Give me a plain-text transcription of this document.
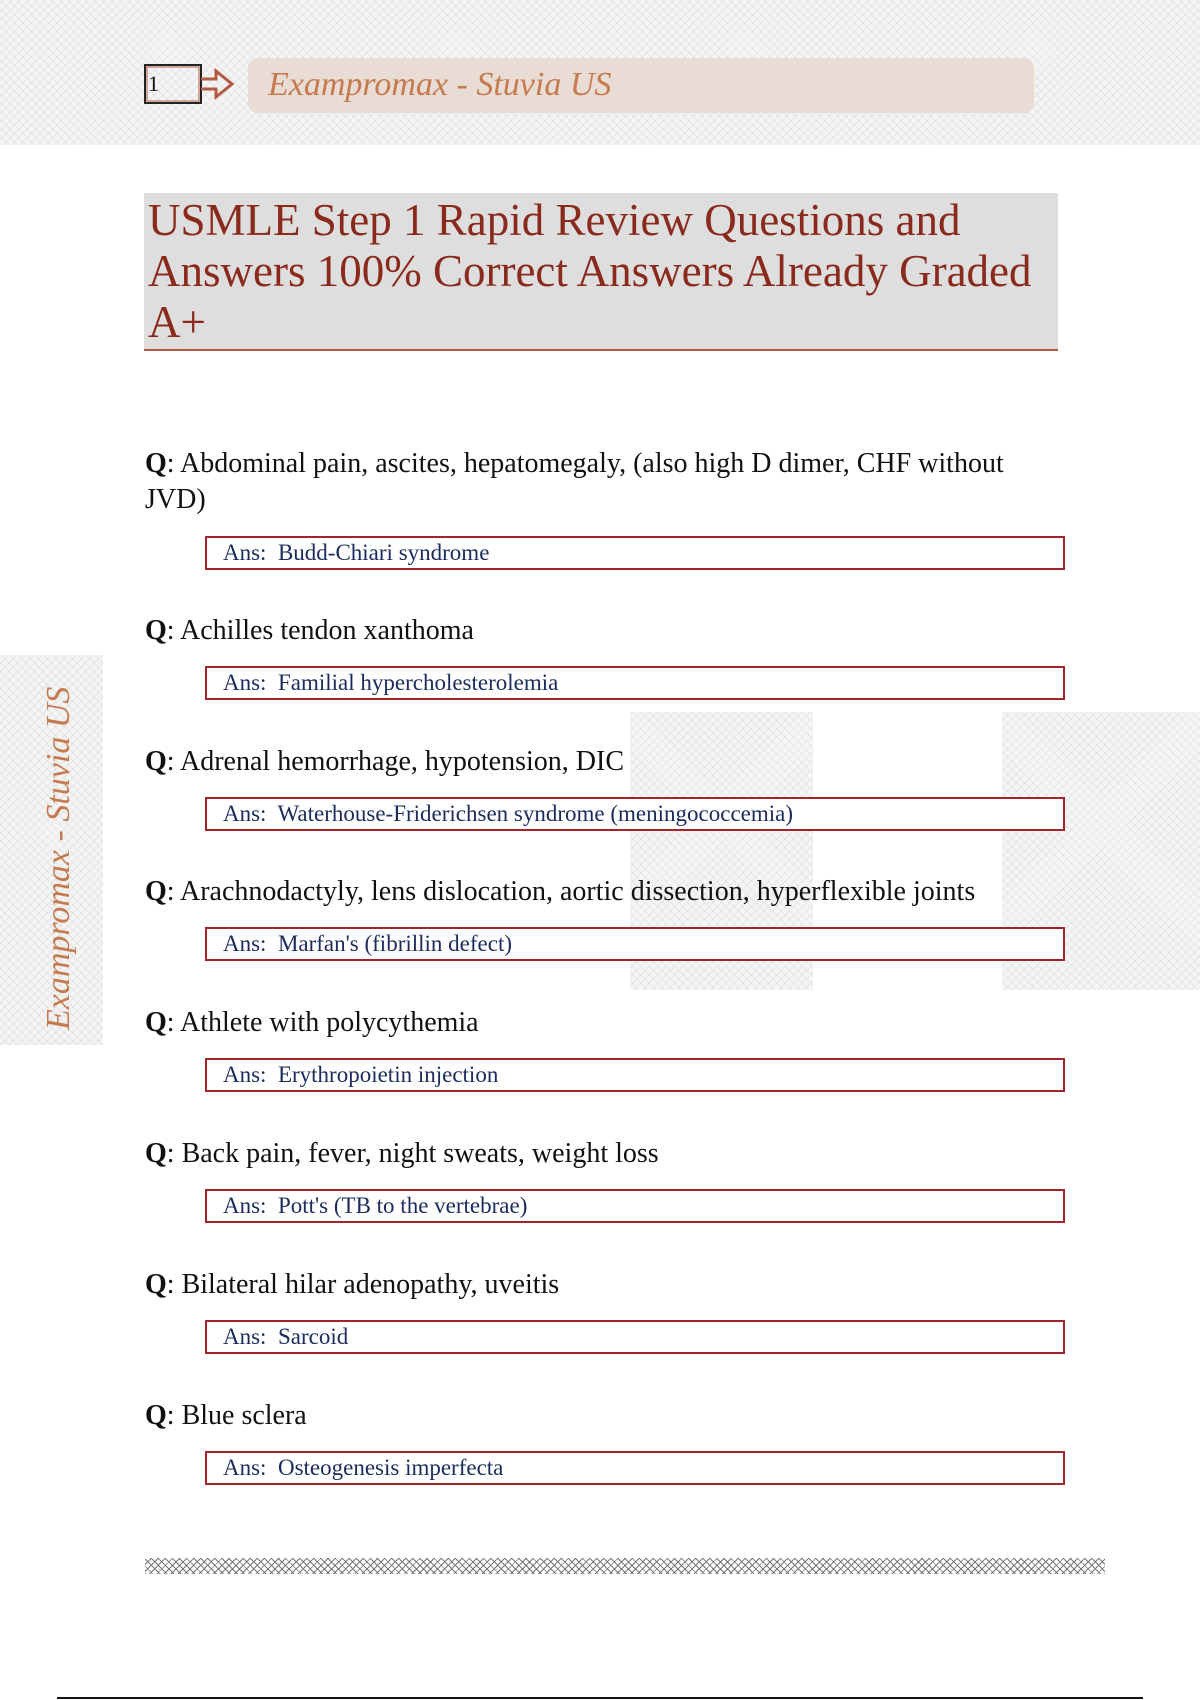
1	Exampromax - Stuvia US
Exampromax - Stuvia US
USMLE Step 1 Rapid Review Questions and Answers 100% Correct Answers Already Graded A+

Q: Abdominal pain, ascites, hepatomegaly, (also high D dimer, CHF without JVD)

Ans: Budd-Chiari syndrome

Q: Achilles tendon xanthoma

Ans: Familial hypercholesterolemia

Q: Adrenal hemorrhage, hypotension, DIC

Ans: Waterhouse-Friderichsen syndrome (meningococcemia)

Q: Arachnodactyly, lens dislocation, aortic dissection, hyperflexible joints

Ans: Marfan's (fibrillin defect)

Q: Athlete with polycythemia

Ans: Erythropoietin injection

Q: Back pain, fever, night sweats, weight loss

Ans: Pott's (TB to the vertebrae)

Q: Bilateral hilar adenopathy, uveitis

Ans: Sarcoid

Q: Blue sclera

Ans: Osteogenesis imperfecta
